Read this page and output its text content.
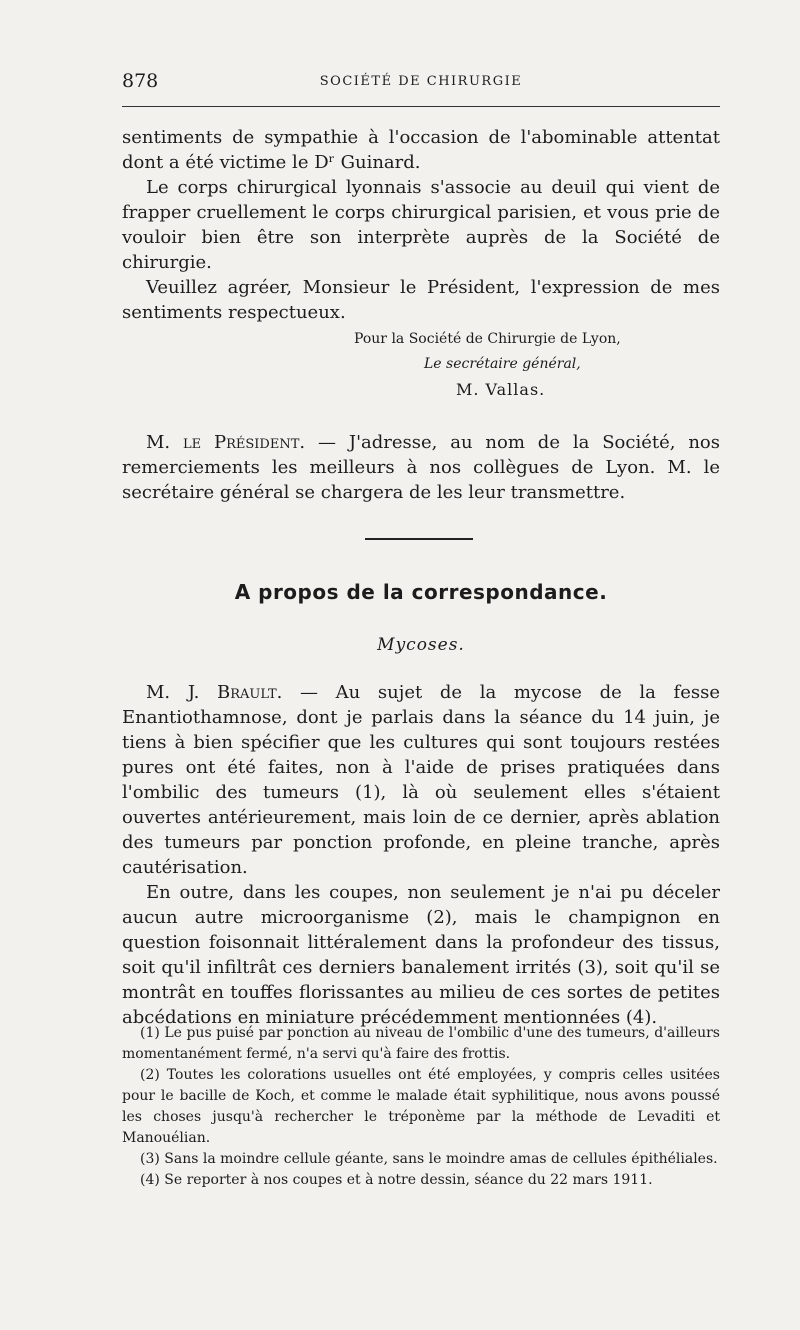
878	SOCIÉTÉ DE CHIRURGIE

sentiments de sympathie à l'occasion de l'abominable attentat dont a été victime le Dʳ Guinard.

Le corps chirurgical lyonnais s'associe au deuil qui vient de frapper cruellement le corps chirurgical parisien, et vous prie de vouloir bien être son interprète auprès de la Société de chirurgie.

Veuillez agréer, Monsieur le Président, l'expression de mes sentiments respectueux.

Pour la Société de Chirurgie de Lyon,
Le secrétaire général,
M. Vallas.

M. le Président. — J'adresse, au nom de la Société, nos remerciements les meilleurs à nos collègues de Lyon. M. le secrétaire général se chargera de les leur transmettre.

A propos de la correspondance.
Mycoses.

M. J. Brault. — Au sujet de la mycose de la fesse Enantiothamnose, dont je parlais dans la séance du 14 juin, je tiens à bien spécifier que les cultures qui sont toujours restées pures ont été faites, non à l'aide de prises pratiquées dans l'ombilic des tumeurs (1), là où seulement elles s'étaient ouvertes antérieurement, mais loin de ce dernier, après ablation des tumeurs par ponction profonde, en pleine tranche, après cautérisation.

En outre, dans les coupes, non seulement je n'ai pu déceler aucun autre microorganisme (2), mais le champignon en question foisonnait littéralement dans la profondeur des tissus, soit qu'il infiltrât ces derniers banalement irrités (3), soit qu'il se montrât en touffes florissantes au milieu de ces sortes de petites abcédations en miniature précédemment mentionnées (4).

(1) Le pus puisé par ponction au niveau de l'ombilic d'une des tumeurs, d'ailleurs momentanément fermé, n'a servi qu'à faire des frottis.

(2) Toutes les colorations usuelles ont été employées, y compris celles usitées pour le bacille de Koch, et comme le malade était syphilitique, nous avons poussé les choses jusqu'à rechercher le tréponème par la méthode de Levaditi et Manouélian.

(3) Sans la moindre cellule géante, sans le moindre amas de cellules épithéliales.

(4) Se reporter à nos coupes et à notre dessin, séance du 22 mars 1911.
